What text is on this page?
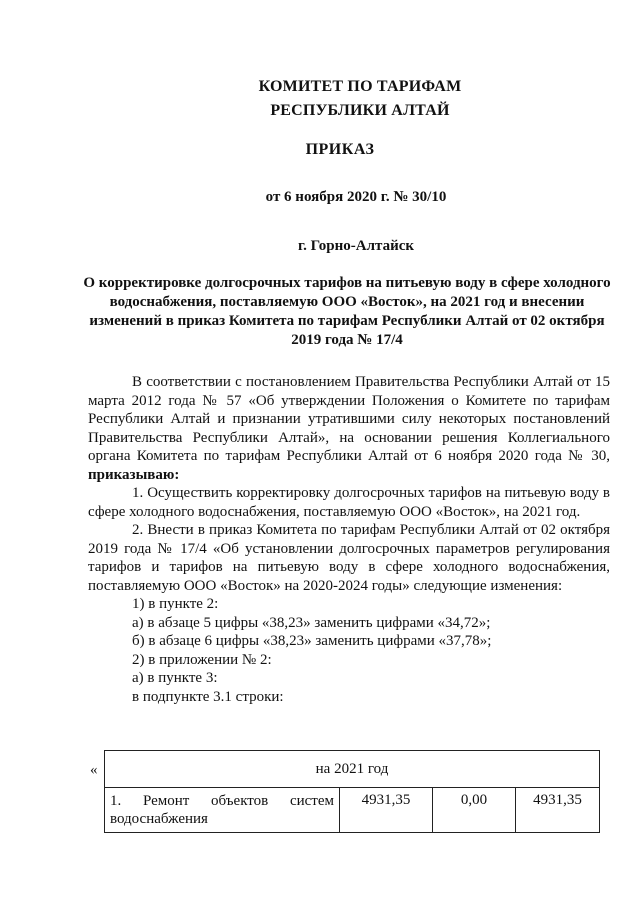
КОМИТЕТ ПО ТАРИФАМ
РЕСПУБЛИКИ АЛТАЙ
ПРИКАЗ
от 6 ноября 2020 г. № 30/10
г. Горно-Алтайск
О корректировке долгосрочных тарифов на питьевую воду в сфере холодного водоснабжения, поставляемую ООО «Восток», на 2021 год и внесении изменений в приказ Комитета по тарифам Республики Алтай от 02 октября 2019 года № 17/4

В соответствии с постановлением Правительства Республики Алтай от 15 марта 2012 года № 57 «Об утверждении Положения о Комитете по тарифам Республики Алтай и признании утратившими силу некоторых постановлений Правительства Республики Алтай», на основании решения Коллегиального органа Комитета по тарифам Республики Алтай от 6 ноября 2020 года № 30, приказываю:

1. Осуществить корректировку долгосрочных тарифов на питьевую воду в сфере холодного водоснабжения, поставляемую ООО «Восток», на 2021 год.

2. Внести в приказ Комитета по тарифам Республики Алтай от 02 октября 2019 года № 17/4 «Об установлении долгосрочных параметров регулирования тарифов и тарифов на питьевую воду в сфере холодного водоснабжения, поставляемую ООО «Восток» на 2020-2024 годы» следующие изменения:

1) в пункте 2:

а) в абзаце 5 цифры «38,23» заменить цифрами «34,72»;

б) в абзаце 6 цифры «38,23» заменить цифрами «37,78»;

2) в приложении № 2:

а) в пункте 3:

в подпункте 3.1 строки:

«	на 2021 год
1. Ремонт объектов систем водоснабжения	4931,35	0,00	4931,35
